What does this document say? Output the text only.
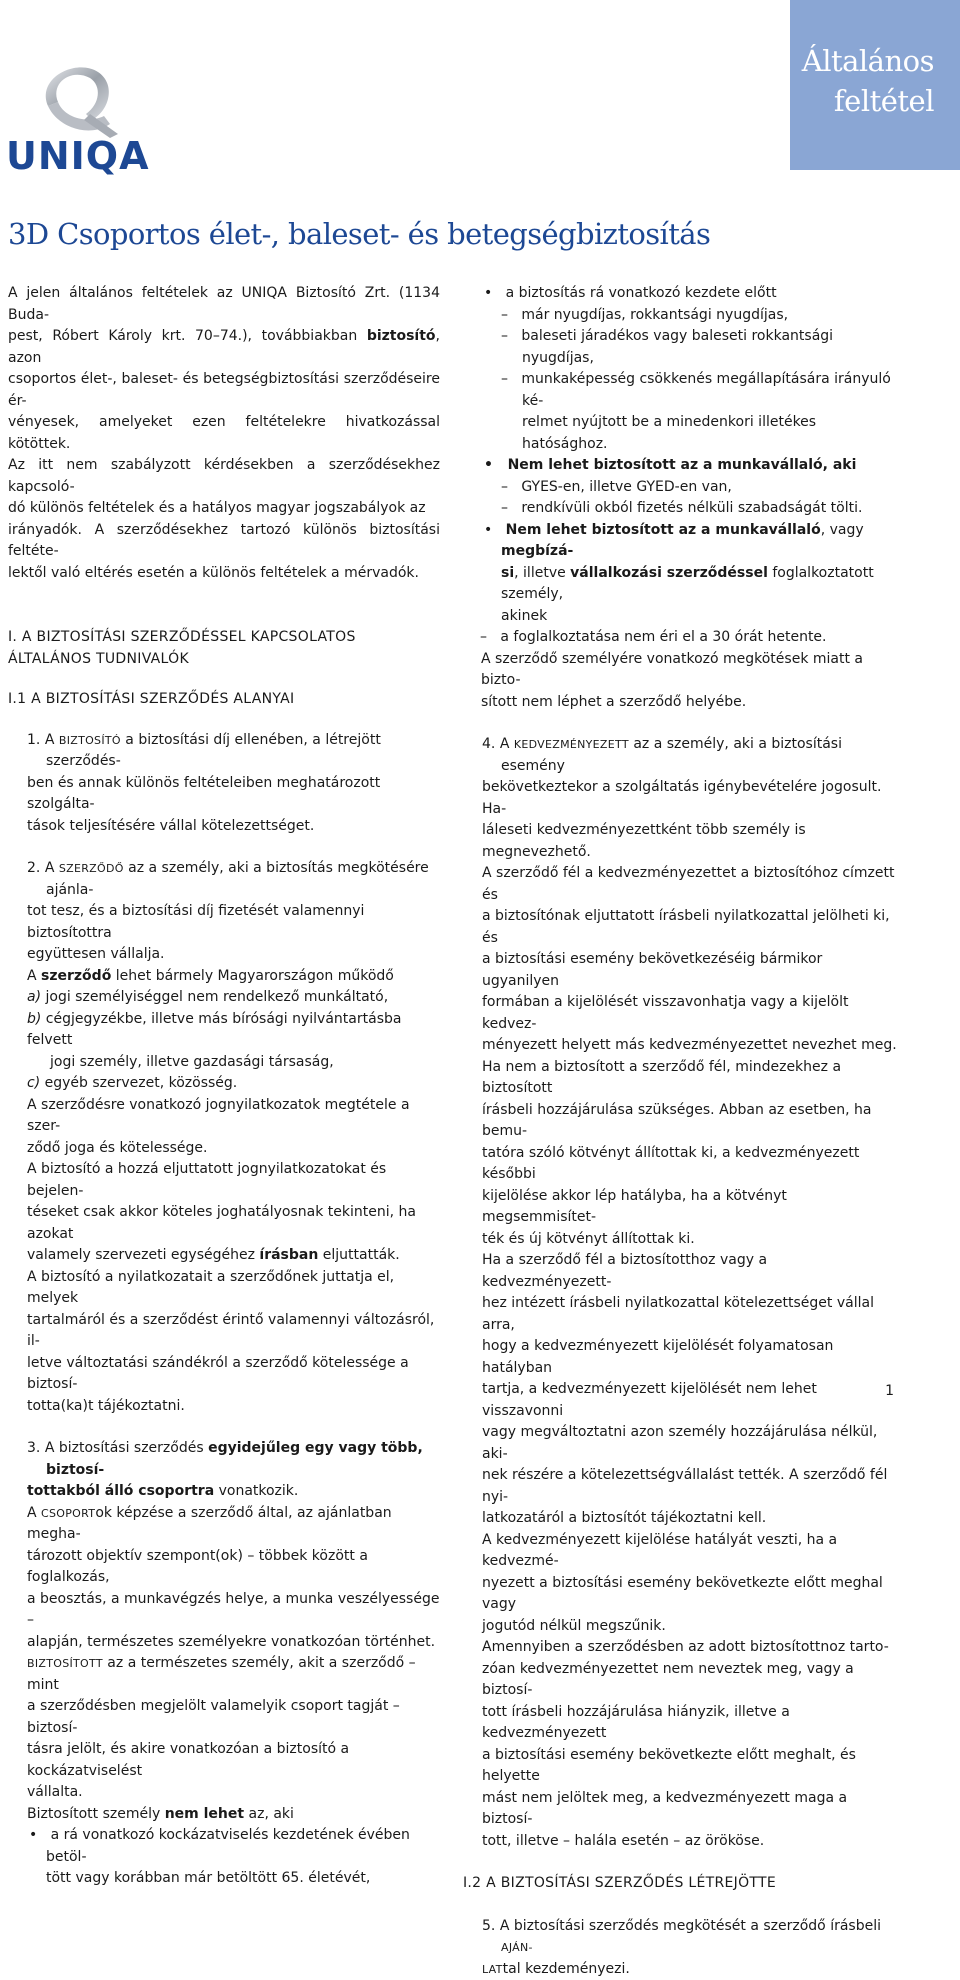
Általános
feltétel
UNIQA
3D Csoportos élet-, baleset- és betegségbiztosítás
A jelen általános feltételek az UNIQA Biztosító Zrt. (1134 Buda-
pest, Róbert Károly krt. 70–74.), továbbiakban biztosító, azon
csoportos élet-, baleset- és betegségbiztosítási szerződéseire ér-
vényesek, amelyeket ezen feltételekre hivatkozással kötöttek.
Az itt nem szabályzott kérdésekben a szerződésekhez kapcsoló-
dó különös feltételek és a hatályos magyar jogszabályok az
irányadók. A szerződésekhez tartozó különös biztosítási feltéte-
lektől való eltérés esetén a különös feltételek a mérvadók.
I. A BIZTOSÍTÁSI SZERZŐDÉSSEL KAPCSOLATOS
ÁLTALÁNOS TUDNIVALÓK
I.1 A BIZTOSÍTÁSI SZERZŐDÉS ALANYAI
1. A BIZTOSÍTÓ a biztosítási díj ellenében, a létrejött szerződés-
ben és annak különös feltételeiben meghatározott szolgálta-
tások teljesítésére vállal kötelezettséget.
2. A SZERZŐDŐ az a személy, aki a biztosítás megkötésére ajánla-
tot tesz, és a biztosítási díj fizetését valamennyi biztosítottra
együttesen vállalja.
A szerződő lehet bármely Magyarországon működő
a) jogi személyiséggel nem rendelkező munkáltató,
b) cégjegyzékbe, illetve más bírósági nyilvántartásba felvett
jogi személy, illetve gazdasági társaság,
c) egyéb szervezet, közösség.
A szerződésre vonatkozó jognyilatkozatok megtétele a szer-
ződő joga és kötelessége.
A biztosító a hozzá eljuttatott jognyilatkozatokat és bejelen-
téseket csak akkor köteles joghatályosnak tekinteni, ha azokat
valamely szervezeti egységéhez írásban eljuttatták.
A biztosító a nyilatkozatait a szerződőnek juttatja el, melyek
tartalmáról és a szerződést érintő valamennyi változásról, il-
letve változtatási szándékról a szerződő kötelessége a biztosí-
totta(ka)t tájékoztatni.
3. A biztosítási szerződés egyidejűleg egy vagy több, biztosí-
tottakból álló csoportra vonatkozik.
A CSOPORTok képzése a szerződő által, az ajánlatban megha-
tározott objektív szempont(ok) – többek között a foglalkozás,
a beosztás, a munkavégzés helye, a munka veszélyessége –
alapján, természetes személyekre vonatkozóan történhet.
BIZTOSÍTOTT az a természetes személy, akit a szerződő – mint
a szerződésben megjelölt valamelyik csoport tagját – biztosí-
tásra jelölt, és akire vonatkozóan a biztosító a kockázatviselést
vállalta.
Biztosított személy nem lehet az, aki
•   a rá vonatkozó kockázatviselés kezdetének évében betöl-
tött vagy korábban már betöltött 65. életévét,
•   a biztosítás rá vonatkozó kezdete előtt
–   már nyugdíjas, rokkantsági nyugdíjas,
–   baleseti járadékos vagy baleseti rokkantsági nyugdíjas,
–   munkaképesség csökkenés megállapítására irányuló ké-
relmet nyújtott be a minedenkori illetékes hatósághoz.
•   Nem lehet biztosított az a munkavállaló, aki
–   GYES-en, illetve GYED-en van,
–   rendkívüli okból fizetés nélküli szabadságát tölti.
•   Nem lehet biztosított az a munkavállaló, vagy megbízá-
si, illetve vállalkozási szerződéssel foglalkoztatott személy,
akinek
–   a foglalkoztatása nem éri el a 30 órát hetente.
A szerződő személyére vonatkozó megkötések miatt a bizto-
sított nem léphet a szerződő helyébe.
4. A KEDVEZMÉNYEZETT az a személy, aki a biztosítási esemény
bekövetkeztekor a szolgáltatás igénybevételére jogosult. Ha-
láleseti kedvezményezettként több személy is megnevezhető.
A szerződő fél a kedvezményezettet a biztosítóhoz címzett és
a biztosítónak eljuttatott írásbeli nyilatkozattal jelölheti ki, és
a biztosítási esemény bekövetkezéséig bármikor ugyanilyen
formában a kijelölését visszavonhatja vagy a kijelölt kedvez-
ményezett helyett más kedvezményezettet nevezhet meg.
Ha nem a biztosított a szerződő fél, mindezekhez a biztosított
írásbeli hozzájárulása szükséges. Abban az esetben, ha bemu-
tatóra szóló kötvényt állítottak ki, a kedvezményezett későbbi
kijelölése akkor lép hatályba, ha a kötvényt megsemmisítet-
ték és új kötvényt állítottak ki.
Ha a szerződő fél a biztosítotthoz vagy a kedvezményezett-
hez intézett írásbeli nyilatkozattal kötelezettséget vállal arra,
hogy a kedvezményezett kijelölését folyamatosan hatályban
tartja, a kedvezményezett kijelölését nem lehet visszavonni
vagy megváltoztatni azon személy hozzájárulása nélkül, aki-
nek részére a kötelezettségvállalást tették. A szerződő fél nyi-
latkozatáról a biztosítót tájékoztatni kell.
A kedvezményezett kijelölése hatályát veszti, ha a kedvezmé-
nyezett a biztosítási esemény bekövetkezte előtt meghal vagy
jogutód nélkül megszűnik.
Amennyiben a szerződésben az adott biztosítottnoz tarto-
zóan kedvezményezettet nem neveztek meg, vagy a biztosí-
tott írásbeli hozzájárulása hiányzik, illetve a kedvezményezett
a biztosítási esemény bekövetkezte előtt meghalt, és helyette
mást nem jelöltek meg, a kedvezményezett maga a biztosí-
tott, illetve – halála esetén – az örököse.
I.2 A BIZTOSÍTÁSI SZERZŐDÉS LÉTREJÖTTE
5. A biztosítási szerződés megkötését a szerződő írásbeli AJÁN-
LATtal kezdeményezi.
1
